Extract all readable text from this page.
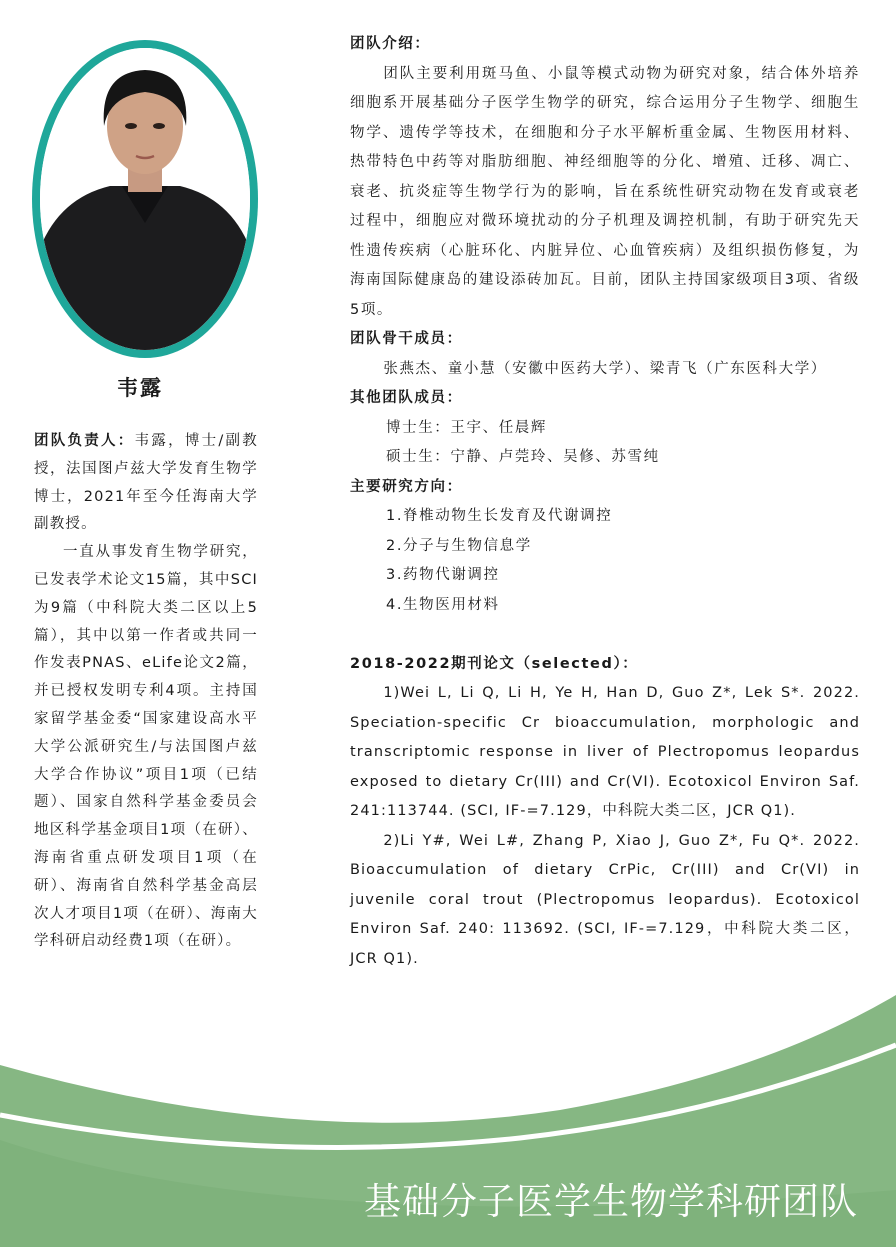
韦露

团队负责人：韦露，博士/副教授，法国图卢兹大学发育生物学博士，2021年至今任海南大学副教授。

一直从事发育生物学研究，已发表学术论文15篇，其中SCI为9篇（中科院大类二区以上5篇），其中以第一作者或共同一作发表PNAS、eLife论文2篇，并已授权发明专利4项。主持国家留学基金委“国家建设高水平大学公派研究生/与法国图卢兹大学合作协议”项目1项（已结题）、国家自然科学基金委员会地区科学基金项目1项（在研）、海南省重点研发项目1项（在研）、海南省自然科学基金高层次人才项目1项（在研）、海南大学科研启动经费1项（在研）。

团队介绍：

团队主要利用斑马鱼、小鼠等模式动物为研究对象，结合体外培养细胞系开展基础分子医学生物学的研究，综合运用分子生物学、细胞生物学、遗传学等技术，在细胞和分子水平解析重金属、生物医用材料、热带特色中药等对脂肪细胞、神经细胞等的分化、增殖、迁移、凋亡、衰老、抗炎症等生物学行为的影响，旨在系统性研究动物在发育或衰老过程中，细胞应对微环境扰动的分子机理及调控机制，有助于研究先天性遗传疾病（心脏环化、内脏异位、心血管疾病）及组织损伤修复，为海南国际健康岛的建设添砖加瓦。目前，团队主持国家级项目3项、省级5项。

团队骨干成员：

张燕杰、童小慧（安徽中医药大学）、梁青飞（广东医科大学）

其他团队成员：

博士生：王宇、任晨辉

硕士生：宁静、卢莞玲、吴修、苏雪纯

主要研究方向：

1.脊椎动物生长发育及代谢调控

2.分子与生物信息学

3.药物代谢调控

4.生物医用材料

2018-2022期刊论文（selected）：

1)Wei L, Li Q, Li H, Ye H, Han D, Guo Z*, Lek S*. 2022. Speciation-specific Cr bioaccumulation, morphologic and transcriptomic response in liver of Plectropomus leopardus exposed to dietary Cr(III) and Cr(VI). Ecotoxicol Environ Saf. 241:113744. (SCI, IF-=7.129，中科院大类二区，JCR Q1).

2)Li Y#, Wei L#, Zhang P, Xiao J, Guo Z*, Fu Q*. 2022. Bioaccumulation of dietary CrPic, Cr(III) and Cr(VI) in juvenile coral trout (Plectropomus leopardus). Ecotoxicol Environ Saf. 240: 113692. (SCI, IF-=7.129，中科院大类二区，JCR Q1).

基础分子医学生物学科研团队
